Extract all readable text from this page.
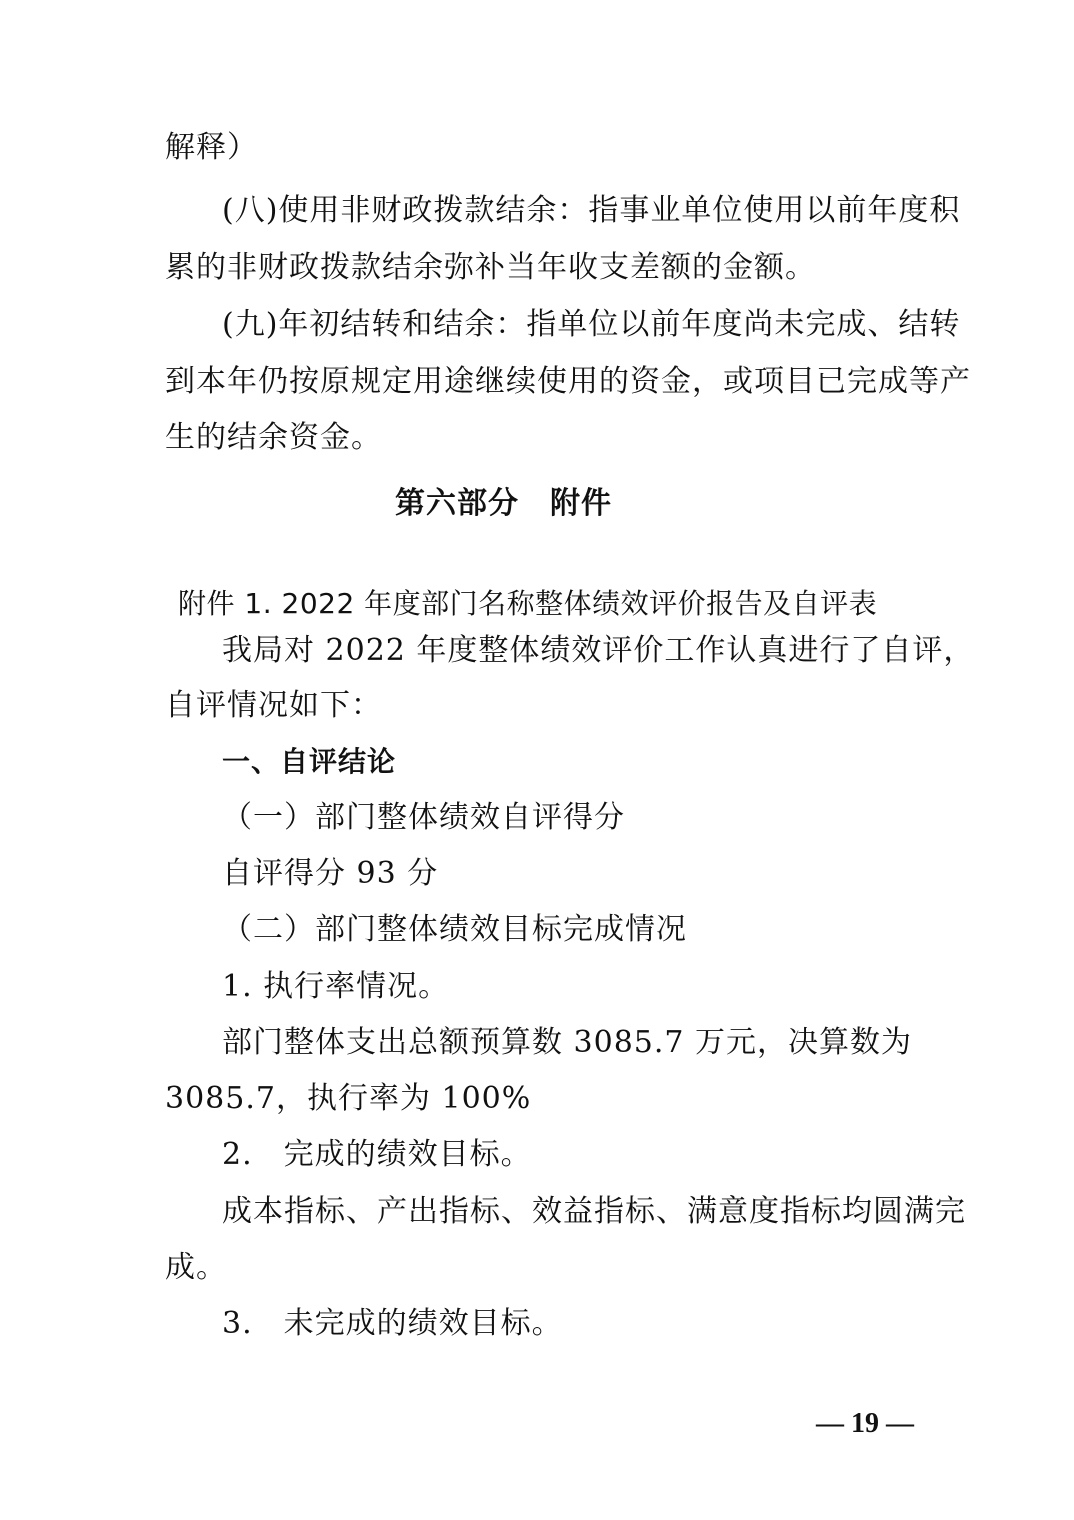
解释）
(八)使用非财政拨款结余：指事业单位使用以前年度积
累的非财政拨款结余弥补当年收支差额的金额。
(九)年初结转和结余：指单位以前年度尚未完成、结转
到本年仍按原规定用途继续使用的资金，或项目已完成等产
生的结余资金。
第六部分　附件
附件 1. 2022 年度部门名称整体绩效评价报告及自评表
我局对 2022 年度整体绩效评价工作认真进行了自评，
自评情况如下：
一、自评结论
（一）部门整体绩效自评得分
自评得分 93 分
（二）部门整体绩效目标完成情况
1. 执行率情况。
部门整体支出总额预算数 3085.7 万元，决算数为
3085.7，执行率为 100%
2.　完成的绩效目标。
成本指标、产出指标、效益指标、满意度指标均圆满完
成。
3.　未完成的绩效目标。
— 19 —
